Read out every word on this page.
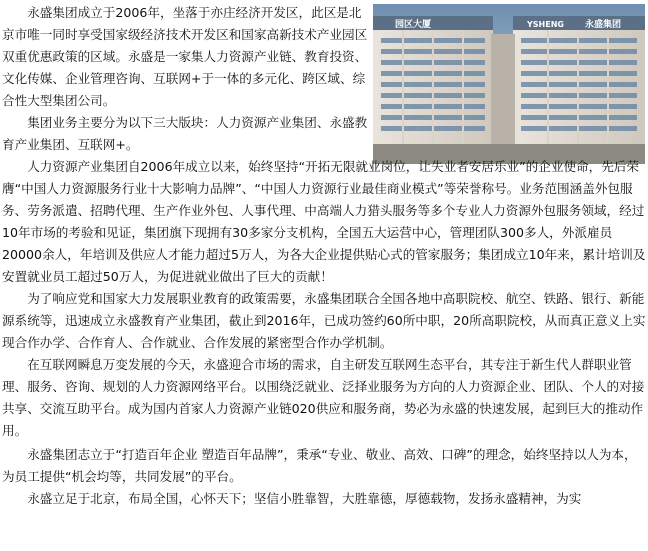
园区大厦	YSHENG 永盛集团

永盛集团成立于2006年，坐落于亦庄经济开发区，此区是北京市唯一同时享受国家级经济技术开发区和国家高新技术产业园区双重优惠政策的区域。永盛是一家集人力资源产业链、教育投资、文化传媒、企业管理咨询、互联网+于一体的多元化、跨区域、综合性大型集团公司。

集团业务主要分为以下三大版块：人力资源产业集团、永盛教育产业集团、互联网+。

人力资源产业集团自2006年成立以来，始终坚持“开拓无限就业岗位，让失业者安居乐业”的企业使命，先后荣膺“中国人力资源服务行业十大影响力品牌”、“中国人力资源行业最佳商业模式”等荣誉称号。业务范围涵盖外包服务、劳务派遣、招聘代理、生产作业外包、人事代理、中高端人力猎头服务等多个专业人力资源外包服务领域，经过10年市场的考验和见证，集团旗下现拥有30多家分支机构，全国五大运营中心，管理团队300多人，外派雇员20000余人，年培训及供应人才能力超过5万人，为各大企业提供贴心式的管家服务；集团成立10年来，累计培训及安置就业员工超过50万人，为促进就业做出了巨大的贡献！

为了响应党和国家大力发展职业教育的政策需要，永盛集团联合全国各地中高职院校、航空、铁路、银行、新能源系统等，迅速成立永盛教育产业集团，截止到2016年，已成功签约60所中职，20所高职院校，从而真正意义上实现合作办学、合作育人、合作就业、合作发展的紧密型合作办学机制。

在互联网瞬息万变发展的今天，永盛迎合市场的需求，自主研发互联网生态平台，其专注于新生代人群职业管理、服务、咨询、规划的人力资源网络平台。以围绕泛就业、泛择业服务为方向的人力资源企业、团队、个人的对接共享、交流互助平台。成为国内首家人力资源产业链020供应和服务商，势必为永盛的快速发展，起到巨大的推动作用。

永盛集团志立于“打造百年企业 塑造百年品牌”，秉承“专业、敬业、高效、口碑”的理念，始终坚持以人为本，为员工提供“机会均等，共同发展”的平台。

永盛立足于北京，布局全国，心怀天下；坚信小胜靠智，大胜靠德，厚德载物，发扬永盛精神，为实
